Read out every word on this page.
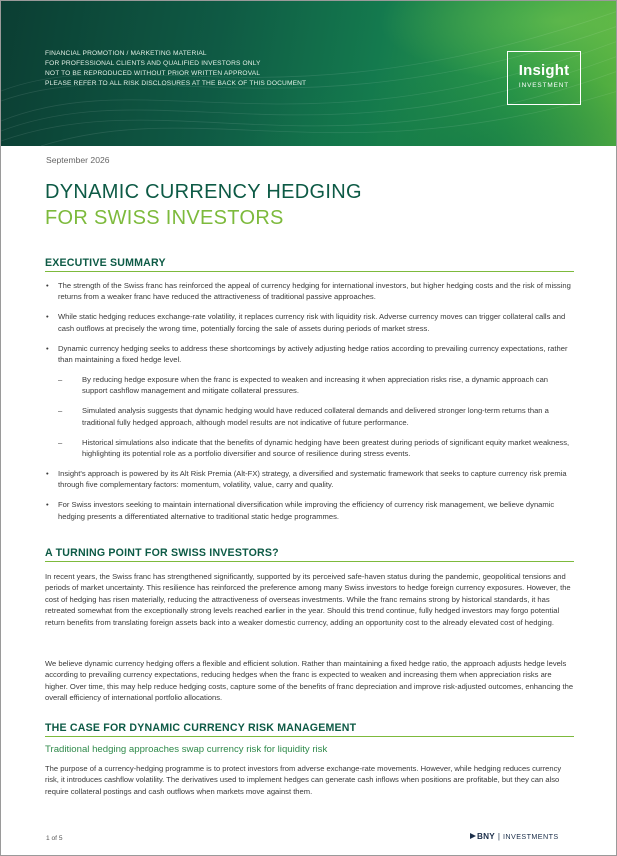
FINANCIAL PROMOTION / MARKETING MATERIAL
FOR PROFESSIONAL CLIENTS AND QUALIFIED INVESTORS ONLY
NOT TO BE REPRODUCED WITHOUT PRIOR WRITTEN APPROVAL
PLEASE REFER TO ALL RISK DISCLOSURES AT THE BACK OF THIS DOCUMENT
Insight
INVESTMENT
September 2026
DYNAMIC CURRENCY HEDGING
FOR SWISS INVESTORS
EXECUTIVE SUMMARY
• The strength of the Swiss franc has reinforced the appeal of currency hedging for international investors, but higher hedging costs and the risk of missing returns from a weaker franc have reduced the attractiveness of traditional passive approaches.
• While static hedging reduces exchange-rate volatility, it replaces currency risk with liquidity risk. Adverse currency moves can trigger collateral calls and cash outflows at precisely the wrong time, potentially forcing the sale of assets during periods of market stress.
• Dynamic currency hedging seeks to address these shortcomings by actively adjusting hedge ratios according to prevailing currency expectations, rather than maintaining a fixed hedge level.
– By reducing hedge exposure when the franc is expected to weaken and increasing it when appreciation risks rise, a dynamic approach can support cashflow management and mitigate collateral pressures.
– Simulated analysis suggests that dynamic hedging would have reduced collateral demands and delivered stronger long-term returns than a traditional fully hedged approach, although model results are not indicative of future performance.
– Historical simulations also indicate that the benefits of dynamic hedging have been greatest during periods of significant equity market weakness, highlighting its potential role as a portfolio diversifier and source of resilience during stress events.
• Insight's approach is powered by its Alt Risk Premia (Alt-FX) strategy, a diversified and systematic framework that seeks to capture currency risk premia through five complementary factors: momentum, volatility, value, carry and quality.
• For Swiss investors seeking to maintain international diversification while improving the efficiency of currency risk management, we believe dynamic hedging presents a differentiated alternative to traditional static hedge programmes.
A TURNING POINT FOR SWISS INVESTORS?
In recent years, the Swiss franc has strengthened significantly, supported by its perceived safe-haven status during the pandemic, geopolitical tensions and periods of market uncertainty. This resilience has reinforced the preference among many Swiss investors to hedge foreign currency exposures. However, the cost of hedging has risen materially, reducing the attractiveness of overseas investments. While the franc remains strong by historical standards, it has retreated somewhat from the exceptionally strong levels reached earlier in the year. Should this trend continue, fully hedged investors may forgo potential return benefits from translating foreign assets back into a weaker domestic currency, adding an opportunity cost to the already elevated cost of hedging.
We believe dynamic currency hedging offers a flexible and efficient solution. Rather than maintaining a fixed hedge ratio, the approach adjusts hedge levels according to prevailing currency expectations, reducing hedges when the franc is expected to weaken and increasing them when appreciation risks are higher. Over time, this may help reduce hedging costs, capture some of the benefits of franc depreciation and improve risk-adjusted outcomes, enhancing the overall efficiency of international portfolio allocations.
THE CASE FOR DYNAMIC CURRENCY RISK MANAGEMENT
Traditional hedging approaches swap currency risk for liquidity risk
The purpose of a currency-hedging programme is to protect investors from adverse exchange-rate movements. However, while hedging reduces currency risk, it introduces cashflow volatility. The derivatives used to implement hedges can generate cash inflows when positions are profitable, but they can also require collateral postings and cash outflows when markets move against them.
1 of 5	BNY | INVESTMENTS
